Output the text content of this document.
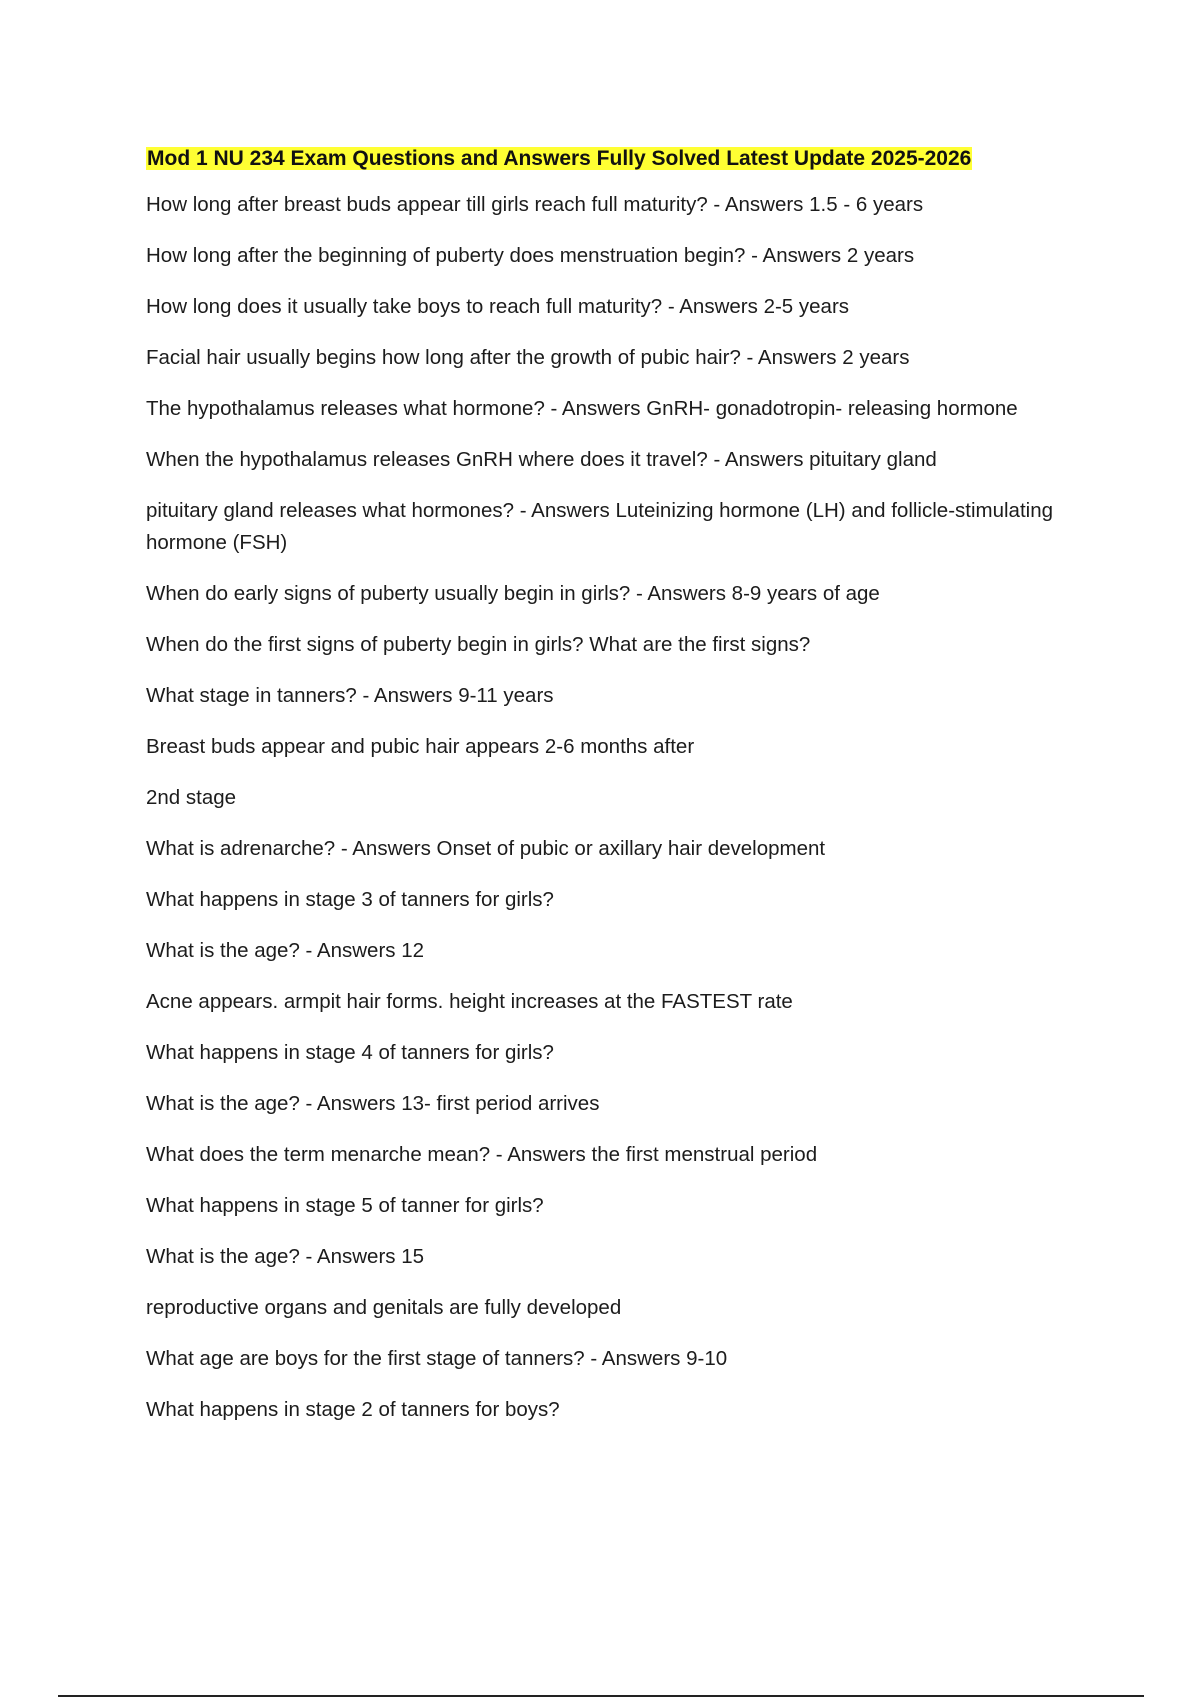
Mod 1 NU 234 Exam Questions and Answers Fully Solved Latest Update 2025-2026

How long after breast buds appear till girls reach full maturity? - Answers 1.5 - 6 years

How long after the beginning of puberty does menstruation begin? - Answers 2 years

How long does it usually take boys to reach full maturity? - Answers 2-5 years

Facial hair usually begins how long after the growth of pubic hair? - Answers 2 years

The hypothalamus releases what hormone? - Answers GnRH- gonadotropin- releasing hormone

When the hypothalamus releases GnRH where does it travel? - Answers pituitary gland

pituitary gland releases what hormones? - Answers Luteinizing hormone (LH) and follicle-stimulating hormone (FSH)

When do early signs of puberty usually begin in girls? - Answers 8-9 years of age

When do the first signs of puberty begin in girls? What are the first signs?

What stage in tanners? - Answers 9-11 years

Breast buds appear and pubic hair appears 2-6 months after

2nd stage

What is adrenarche? - Answers Onset of pubic or axillary hair development

What happens in stage 3 of tanners for girls?

What is the age? - Answers 12

Acne appears. armpit hair forms. height increases at the FASTEST rate

What happens in stage 4 of tanners for girls?

What is the age? - Answers 13- first period arrives

What does the term menarche mean? - Answers the first menstrual period

What happens in stage 5 of tanner for girls?

What is the age? - Answers 15

reproductive organs and genitals are fully developed

What age are boys for the first stage of tanners? - Answers 9-10

What happens in stage 2 of tanners for boys?
